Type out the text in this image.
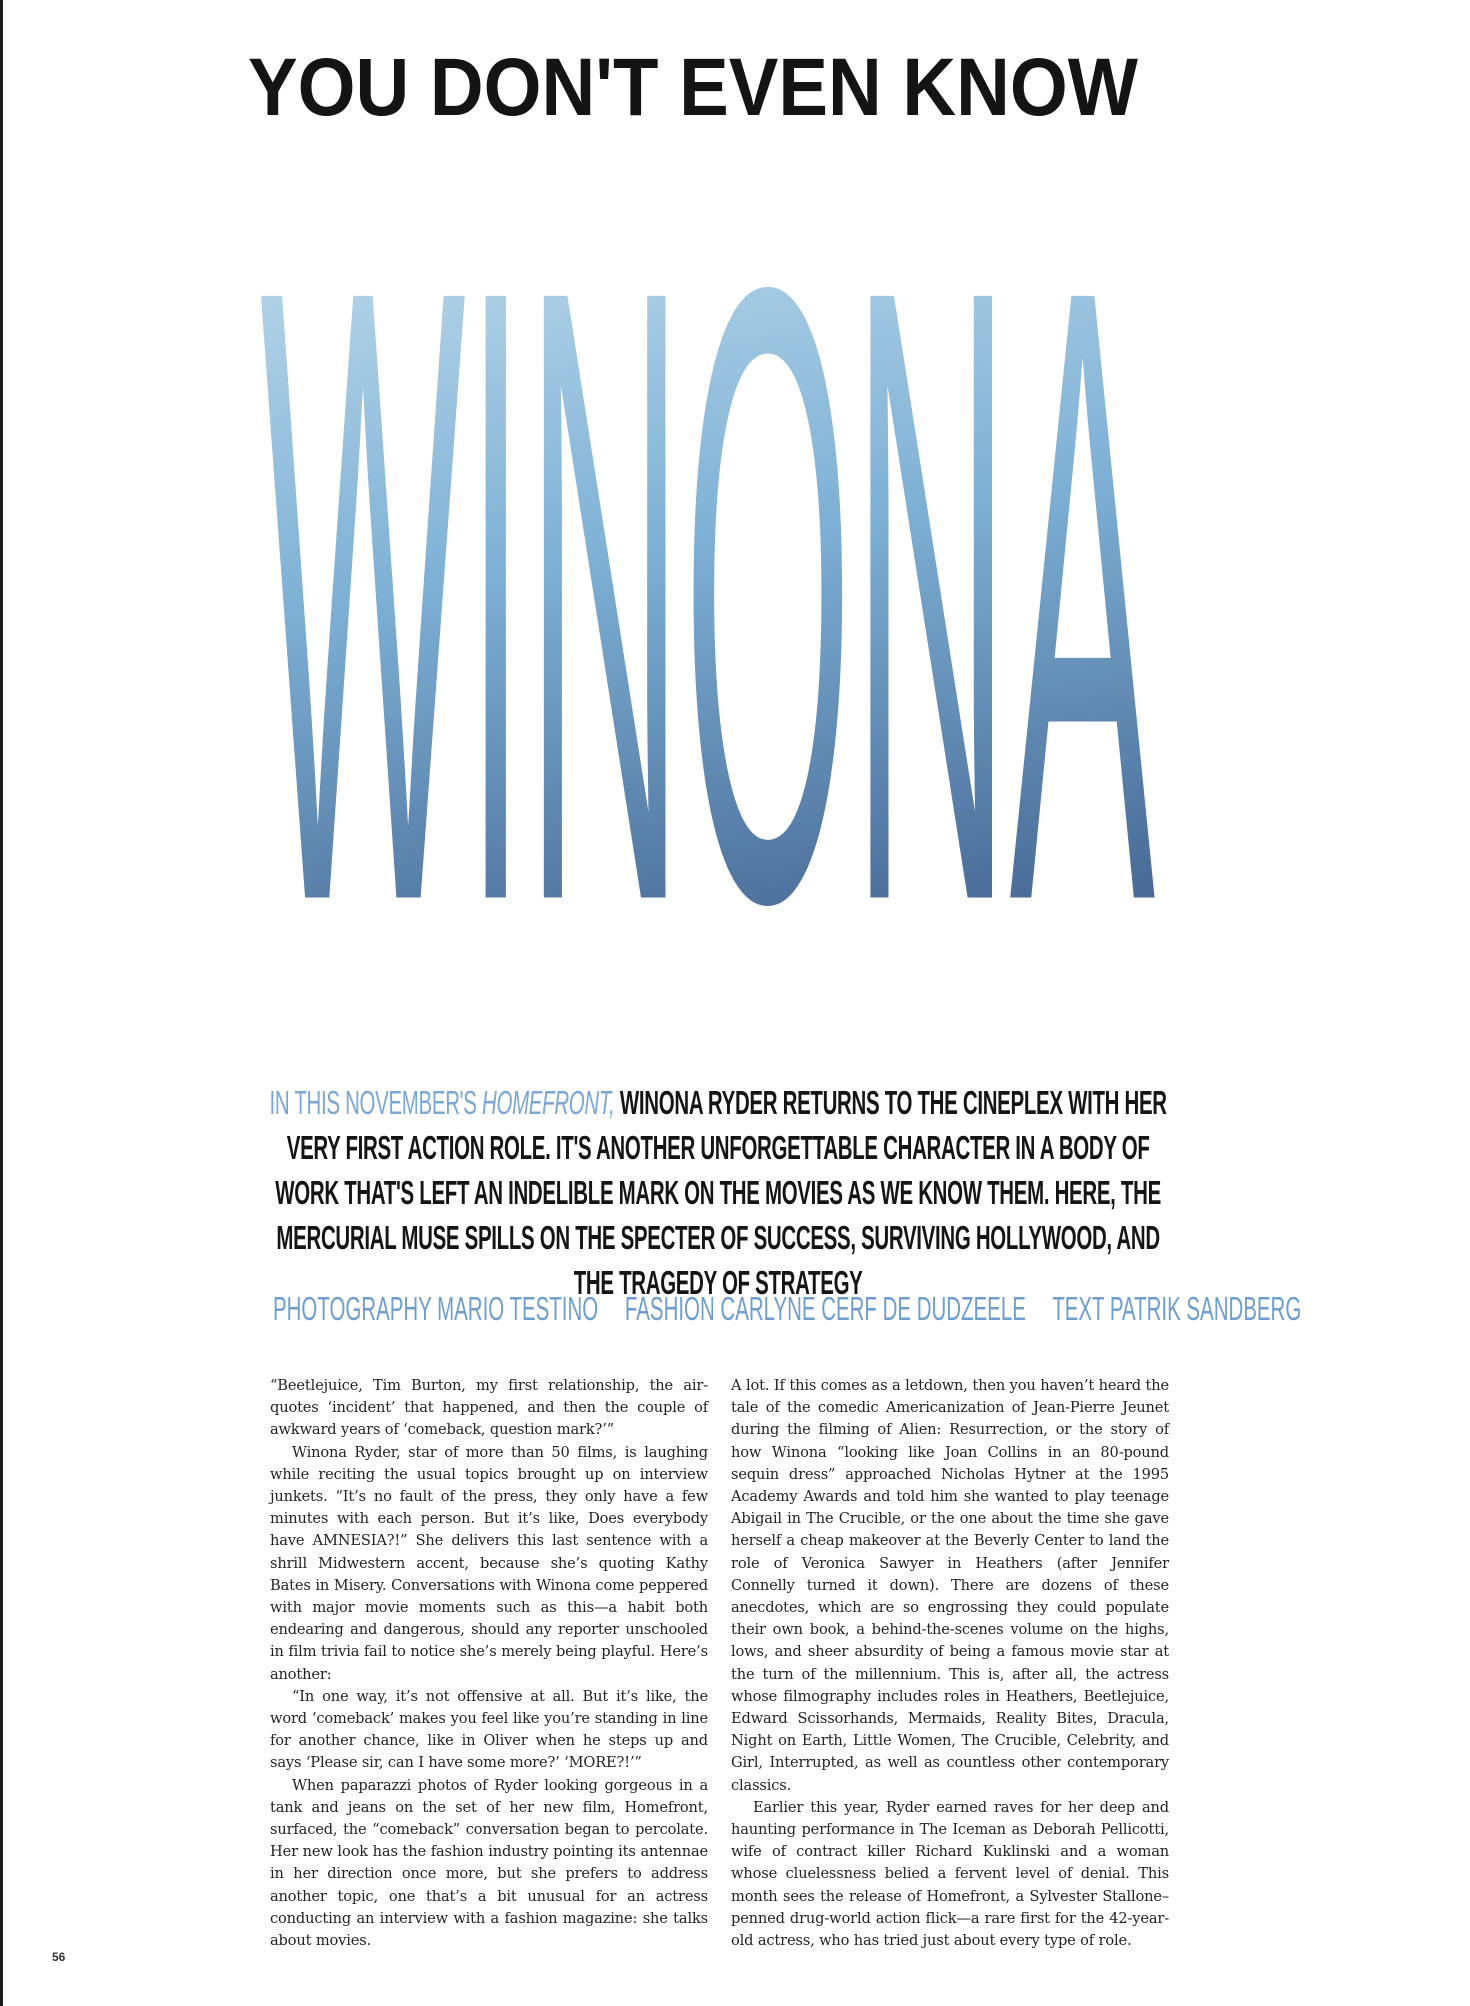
YOU DON'T EVEN KNOW
WINONA
IN THIS NOVEMBER'S HOMEFRONT, WINONA RYDER RETURNS TO THE CINEPLEX WITH HER VERY FIRST ACTION ROLE. IT'S ANOTHER UNFORGETTABLE CHARACTER IN A BODY OF WORK THAT'S LEFT AN INDELIBLE MARK ON THE MOVIES AS WE KNOW THEM. HERE, THE MERCURIAL MUSE SPILLS ON THE SPECTER OF SUCCESS, SURVIVING HOLLYWOOD, AND THE TRAGEDY OF STRATEGY
PHOTOGRAPHY MARIO TESTINO FASHION CARLYNE CERF DE DUDZEELE TEXT PATRIK SANDBERG

“Beetlejuice, Tim Burton, my first relationship, the air-quotes ‘incident’ that happened, and then the couple of awkward years of ‘comeback, question mark?’”

Winona Ryder, star of more than 50 films, is laughing while reciting the usual topics brought up on interview junkets. “It’s no fault of the press, they only have a few minutes with each person. But it’s like, Does everybody have AMNESIA?!” She delivers this last sentence with a shrill Midwestern accent, because she’s quoting Kathy Bates in Misery. Conversations with Winona come peppered with major movie moments such as this—a habit both endearing and dangerous, should any reporter unschooled in film trivia fail to notice she’s merely being playful. Here’s another:

“In one way, it’s not offensive at all. But it’s like, the word ‘comeback’ makes you feel like you’re standing in line for another chance, like in Oliver when he steps up and says ‘Please sir, can I have some more?’ ‘MORE?!’”

When paparazzi photos of Ryder looking gorgeous in a tank and jeans on the set of her new film, Homefront, surfaced, the “comeback” conversation began to percolate. Her new look has the fashion industry pointing its antennae in her direction once more, but she prefers to address another topic, one that’s a bit unusual for an actress conducting an interview with a fashion magazine: she talks about movies.

A lot. If this comes as a letdown, then you haven’t heard the tale of the comedic Americanization of Jean-Pierre Jeunet during the filming of Alien: Resurrection, or the story of how Winona “looking like Joan Collins in an 80-pound sequin dress” approached Nicholas Hytner at the 1995 Academy Awards and told him she wanted to play teenage Abigail in The Crucible, or the one about the time she gave herself a cheap makeover at the Beverly Center to land the role of Veronica Sawyer in Heathers (after Jennifer Connelly turned it down). There are dozens of these anecdotes, which are so engrossing they could populate their own book, a behind-the-scenes volume on the highs, lows, and sheer absurdity of being a famous movie star at the turn of the millennium. This is, after all, the actress whose filmography includes roles in Heathers, Beetlejuice, Edward Scissorhands, Mermaids, Reality Bites, Dracula, Night on Earth, Little Women, The Crucible, Celebrity, and Girl, Interrupted, as well as countless other contemporary classics.

Earlier this year, Ryder earned raves for her deep and haunting performance in The Iceman as Deborah Pellicotti, wife of contract killer Richard Kuklinski and a woman whose cluelessness belied a fervent level of denial. This month sees the release of Homefront, a Sylvester Stallone–penned drug-world action flick—a rare first for the 42-year-old actress, who has tried just about every type of role.

56
